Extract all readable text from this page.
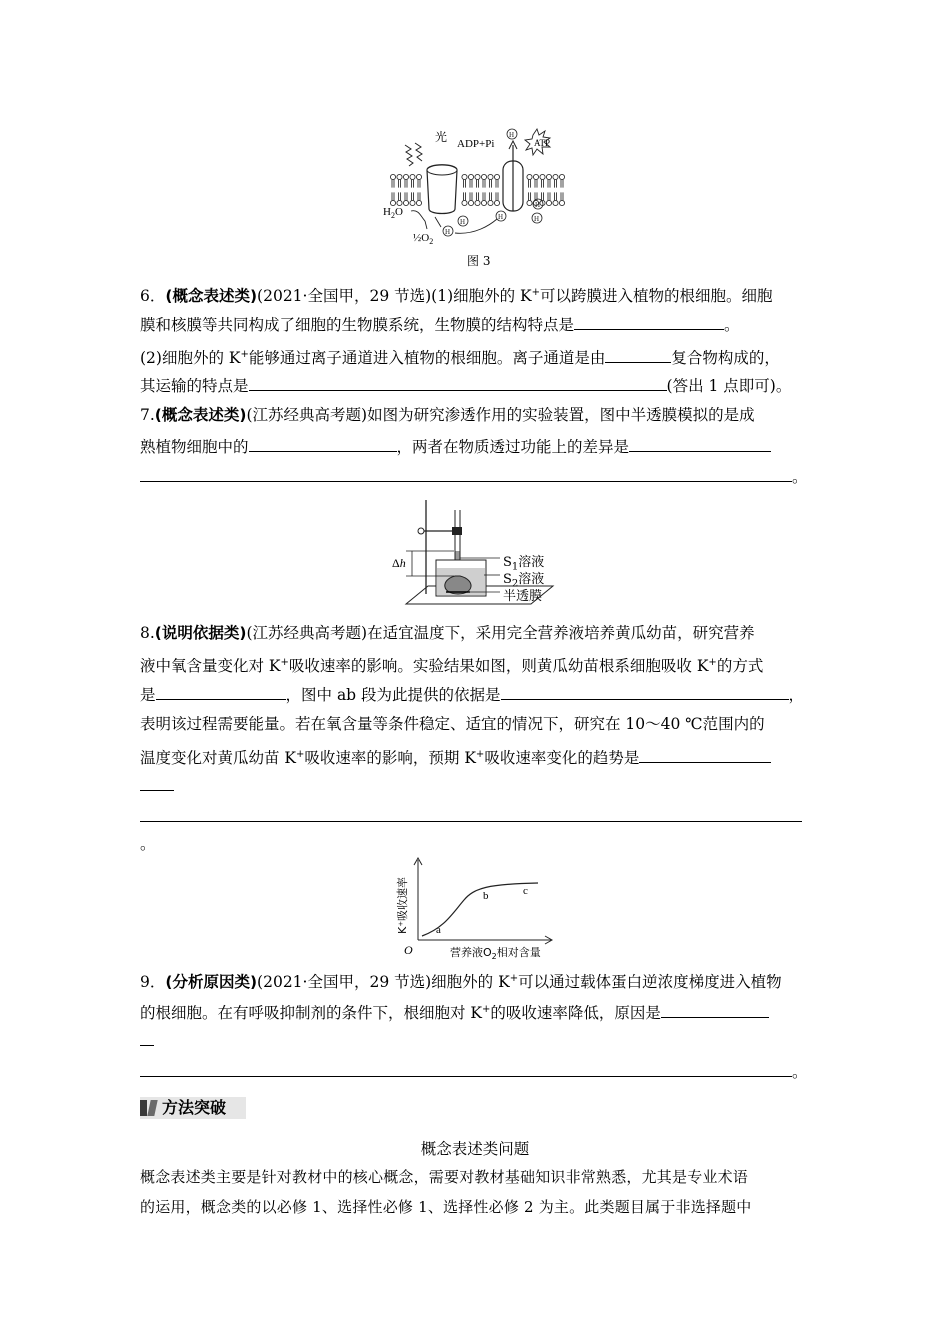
光 ADP+Pi	ATP
H
H
H
H
H
H
$H_2O$
$\frac{1}{2}O_2$
图 3
6．(概念表述类)(2021·全国甲，29 节选)(1)细胞外的 K+可以跨膜进入植物的根细胞。细胞
膜和核膜等共同构成了细胞的生物膜系统，生物膜的结构特点是	。
(2)细胞外的 K+能够通过离子通道进入植物的根细胞。离子通道是由	复合物构成的，
其运输的特点是	(答出 1 点即可)。
7.(概念表述类)(江苏经典高考题)如图为研究渗透作用的实验装置，图中半透膜模拟的是成
熟植物细胞中的	，两者在物质透过功能上的差异是
。
Δh	$S_1$溶液
$S_2$溶液
半透膜
8.(说明依据类)(江苏经典高考题)在适宜温度下，采用完全营养液培养黄瓜幼苗，研究营养
液中氧含量变化对 K+吸收速率的影响。实验结果如图，则黄瓜幼苗根系细胞吸收 K+的方式
是	，图中 ab 段为此提供的依据是	，
表明该过程需要能量。若在氧含量等条件稳定、适宜的情况下，研究在 10～40 ℃范围内的
温度变化对黄瓜幼苗 K+吸收速率的影响，预期 K+吸收速率变化的趋势是
。
K⁺吸收速率 a
b	c
O	营养液$O_2$相对含量
9．(分析原因类)(2021·全国甲，29 节选)细胞外的 K+可以通过载体蛋白逆浓度梯度进入植物
的根细胞。在有呼吸抑制剂的条件下，根细胞对 K+的吸收速率降低，原因是
。
方法突破
概念表述类问题
概念表述类主要是针对教材中的核心概念，需要对教材基础知识非常熟悉，尤其是专业术语
的运用，概念类的以必修 1、选择性必修 1、选择性必修 2 为主。此类题目属于非选择题中
